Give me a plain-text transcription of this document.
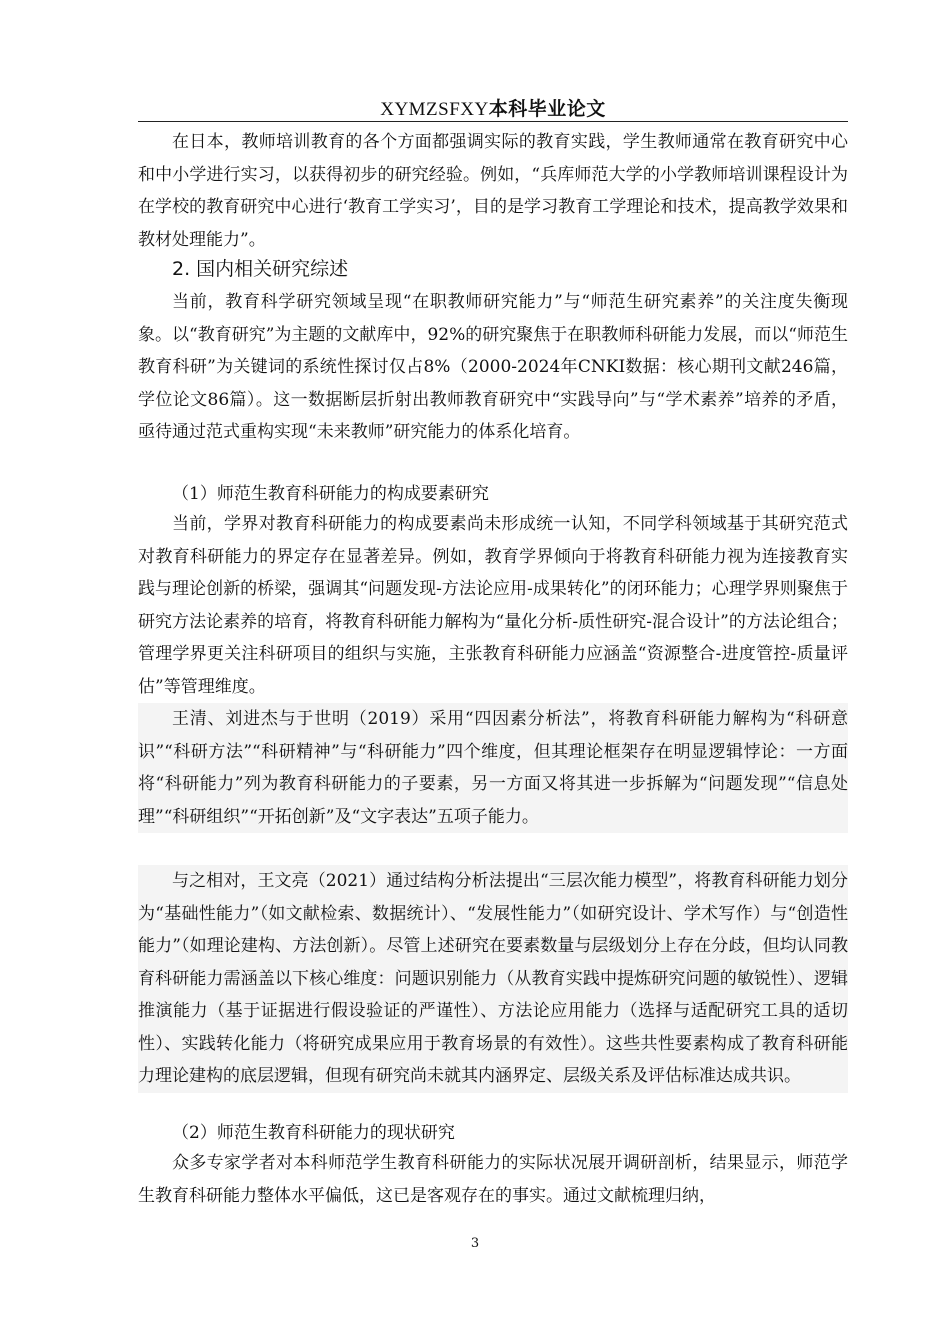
XYMZSFXY本科毕业论文

在日本，教师培训教育的各个方面都强调实际的教育实践，学生教师通常在教育研究中心和中小学进行实习，以获得初步的研究经验。例如，“兵库师范大学的小学教师培训课程设计为在学校的教育研究中心进行‘教育工学实习’，目的是学习教育工学理论和技术，提高教学效果和教材处理能力”。

2. 国内相关研究综述

当前，教育科学研究领域呈现“在职教师研究能力”与“师范生研究素养”的关注度失衡现象。以“教育研究”为主题的文献库中，92%的研究聚焦于在职教师科研能力发展，而以“师范生教育科研”为关键词的系统性探讨仅占8%（2000-2024年CNKI数据：核心期刊文献246篇，学位论文86篇）。这一数据断层折射出教师教育研究中“实践导向”与“学术素养”培养的矛盾，亟待通过范式重构实现“未来教师”研究能力的体系化培育。

（1）师范生教育科研能力的构成要素研究

当前，学界对教育科研能力的构成要素尚未形成统一认知，不同学科领域基于其研究范式对教育科研能力的界定存在显著差异。例如，教育学界倾向于将教育科研能力视为连接教育实践与理论创新的桥梁，强调其“问题发现-方法论应用-成果转化”的闭环能力；心理学界则聚焦于研究方法论素养的培育，将教育科研能力解构为“量化分析-质性研究-混合设计”的方法论组合；管理学界更关注科研项目的组织与实施，主张教育科研能力应涵盖“资源整合-进度管控-质量评估”等管理维度。

王清、刘进杰与于世明（2019）采用“四因素分析法”，将教育科研能力解构为“科研意识”“科研方法”“科研精神”与“科研能力”四个维度，但其理论框架存在明显逻辑悖论：一方面将“科研能力”列为教育科研能力的子要素，另一方面又将其进一步拆解为“问题发现”“信息处理”“科研组织”“开拓创新”及“文字表达”五项子能力。

与之相对，王文亮（2021）通过结构分析法提出“三层次能力模型”，将教育科研能力划分为“基础性能力”（如文献检索、数据统计）、“发展性能力”（如研究设计、学术写作）与“创造性能力”（如理论建构、方法创新）。尽管上述研究在要素数量与层级划分上存在分歧，但均认同教育科研能力需涵盖以下核心维度：问题识别能力（从教育实践中提炼研究问题的敏锐性）、逻辑推演能力（基于证据进行假设验证的严谨性）、方法论应用能力（选择与适配研究工具的适切性）、实践转化能力（将研究成果应用于教育场景的有效性）。这些共性要素构成了教育科研能力理论建构的底层逻辑，但现有研究尚未就其内涵界定、层级关系及评估标准达成共识。

（2）师范生教育科研能力的现状研究

众多专家学者对本科师范学生教育科研能力的实际状况展开调研剖析，结果显示，师范学生教育科研能力整体水平偏低，这已是客观存在的事实。通过文献梳理归纳，

3
